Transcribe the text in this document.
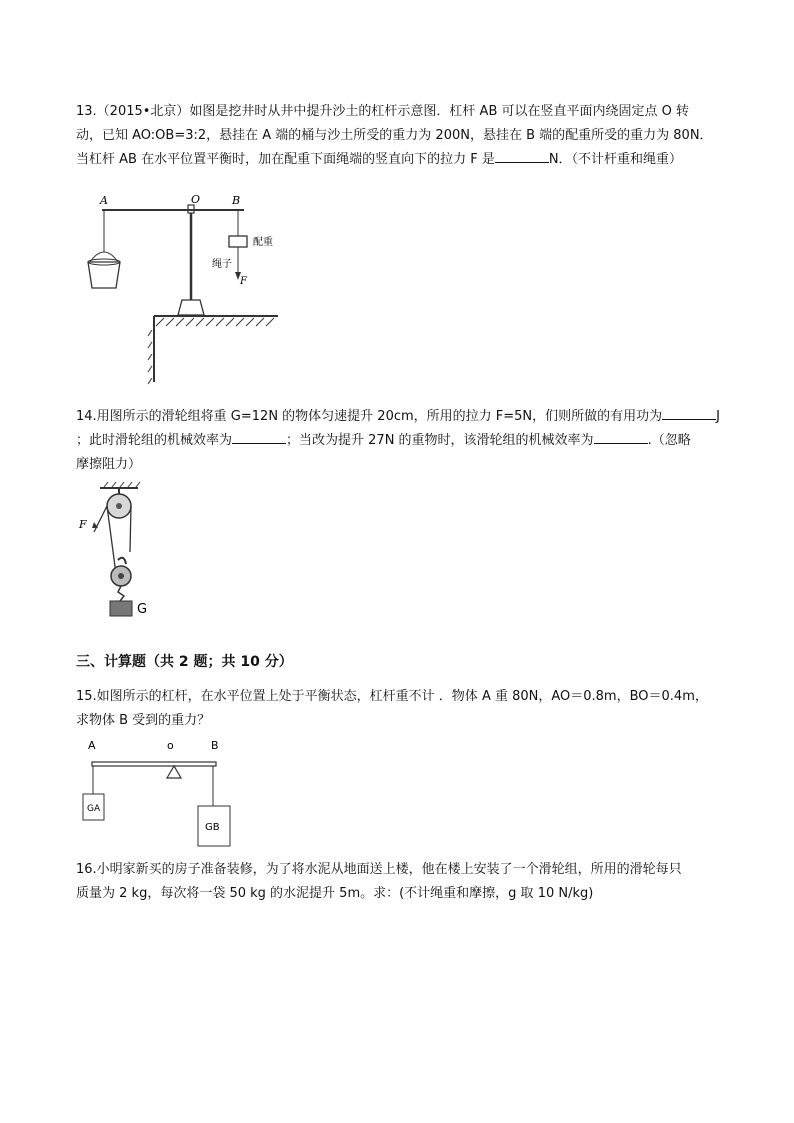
13.（2015•北京）如图是挖井时从井中提升沙土的杠杆示意图．杠杆 AB 可以在竖直平面内绕固定点 O 转
动，已知 AO:OB=3:2，悬挂在 A 端的桶与沙土所受的重力为 200N，悬挂在 B 端的配重所受的重力为 80N．
当杠杆 AB 在水平位置平衡时，加在配重下面绳端的竖直向下的拉力 F 是	N．（不计杆重和绳重）
A	O	B
配重
绳子
F
14.用图所示的滑轮组将重 G=12N 的物体匀速提升 20cm，所用的拉力 F=5N，们则所做的有用功为	J
；此时滑轮组的机械效率为	；当改为提升 27N 的重物时，该滑轮组的机械效率为	.（忽略
摩擦阻力）
F
G
三、计算题（共 2 题；共 10 分）
15.如图所示的杠杆，在水平位置上处于平衡状态，杠杆重不计 ．物体 A 重 80N，AO＝0.8m，BO＝0.4m，
求物体 B 受到的重力？
A	o	B
GA
GB
16.小明家新买的房子准备装修，为了将水泥从地面送上楼，他在楼上安装了一个滑轮组，所用的滑轮每只
质量为 2 kg，每次将一袋 50 kg 的水泥提升 5m。求：(不计绳重和摩擦，g 取 10 N/kg)
